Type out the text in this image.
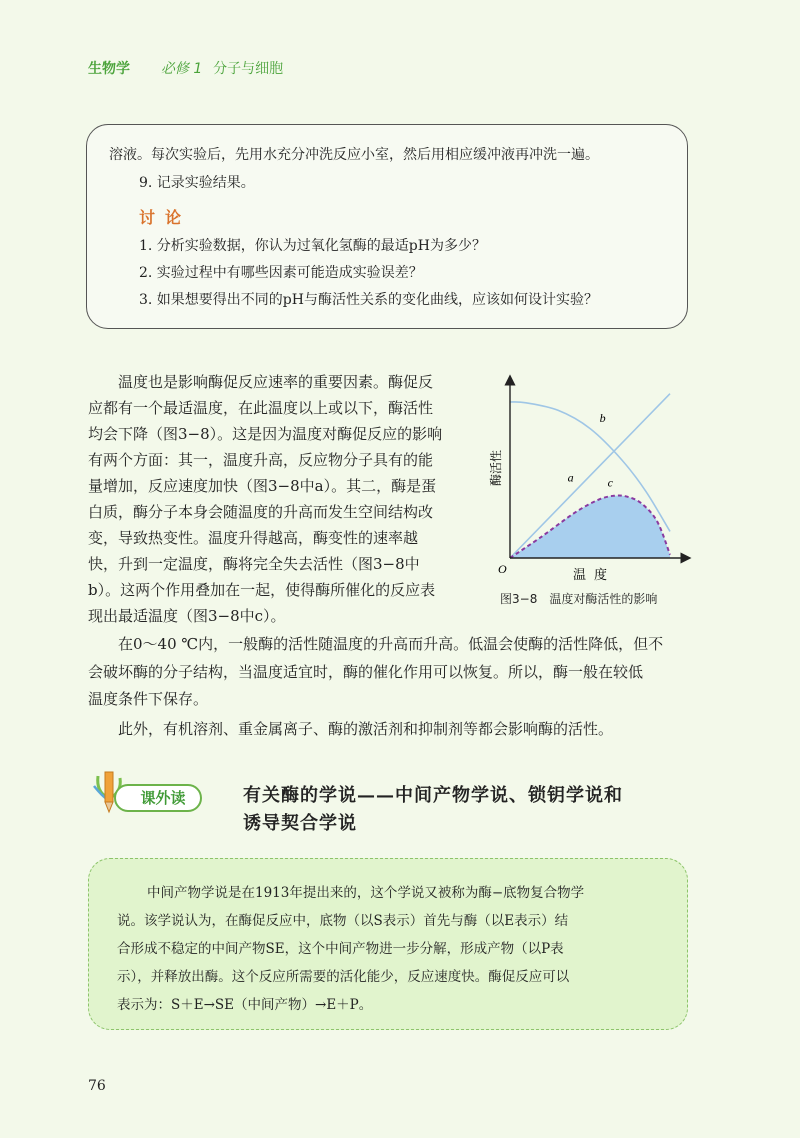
生物学 必修 1 分子与细胞
溶液。每次实验后，先用水充分冲洗反应小室，然后用相应缓冲液再冲洗一遍。
9. 记录实验结果。
讨论
1. 分析实验数据，你认为过氧化氢酶的最适pH为多少？
2. 实验过程中有哪些因素可能造成实验误差？
3. 如果想要得出不同的pH与酶活性关系的变化曲线，应该如何设计实验？
温度也是影响酶促反应速率的重要因素。酶促反
应都有一个最适温度，在此温度以上或以下，酶活性
均会下降（图3−8）。这是因为温度对酶促反应的影响
有两个方面：其一，温度升高，反应物分子具有的能
量增加，反应速度加快（图3−8中a）。其二，酶是蛋
白质，酶分子本身会随温度的升高而发生空间结构改
变，导致热变性。温度升得越高，酶变性的速率越
快，升到一定温度，酶将完全失去活性（图3−8中
b）。这两个作用叠加在一起，使得酶所催化的反应表
现出最适温度（图3−8中c）。
a
b
c
O	温度
酶活性
图3−8　温度对酶活性的影响
在0～40 ℃内，一般酶的活性随温度的升高而升高。低温会使酶的活性降低，但不
会破坏酶的分子结构，当温度适宜时，酶的催化作用可以恢复。所以，酶一般在较低
温度条件下保存。
此外，有机溶剂、重金属离子、酶的激活剂和抑制剂等都会影响酶的活性。
课外读	有关酶的学说——中间产物学说、锁钥学说和
诱导契合学说
中间产物学说是在1913年提出来的，这个学说又被称为酶−底物复合物学
说。该学说认为，在酶促反应中，底物（以S表示）首先与酶（以E表示）结
合形成不稳定的中间产物SE，这个中间产物进一步分解，形成产物（以P表
示），并释放出酶。这个反应所需要的活化能少，反应速度快。酶促反应可以
表示为：S＋E→SE（中间产物）→E＋P。
76
